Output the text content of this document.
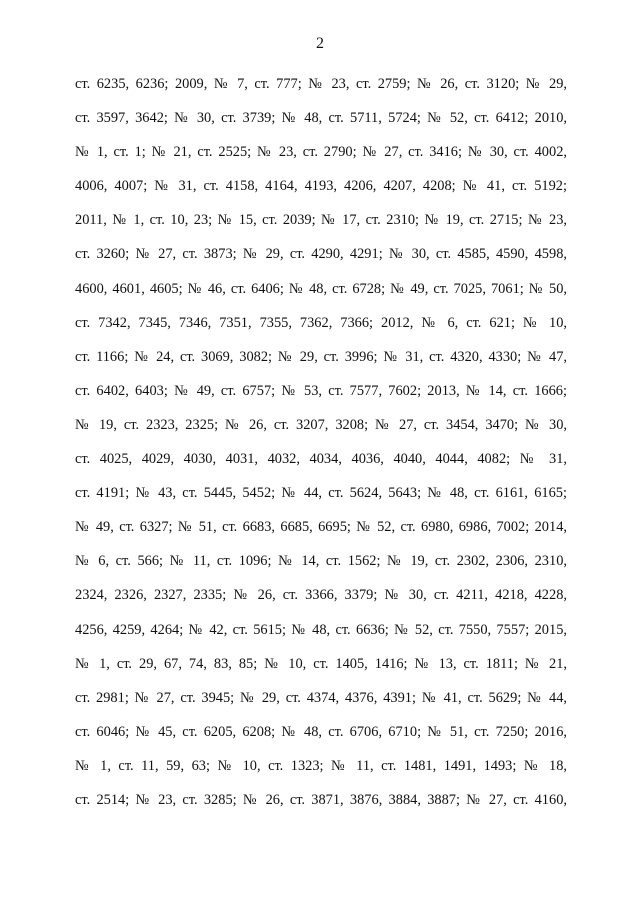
2
ст. 6235, 6236; 2009, № 7, ст. 777; № 23, ст. 2759; № 26, ст. 3120; № 29,
ст. 3597, 3642; № 30, ст. 3739; № 48, ст. 5711, 5724; № 52, ст. 6412; 2010,
№ 1, ст. 1; № 21, ст. 2525; № 23, ст. 2790; № 27, ст. 3416; № 30, ст. 4002,
4006, 4007; № 31, ст. 4158, 4164, 4193, 4206, 4207, 4208; № 41, ст. 5192;
2011, № 1, ст. 10, 23; № 15, ст. 2039; № 17, ст. 2310; № 19, ст. 2715; № 23,
ст. 3260; № 27, ст. 3873; № 29, ст. 4290, 4291; № 30, ст. 4585, 4590, 4598,
4600, 4601, 4605; № 46, ст. 6406; № 48, ст. 6728; № 49, ст. 7025, 7061; № 50,
ст. 7342, 7345, 7346, 7351, 7355, 7362, 7366; 2012, № 6, ст. 621; № 10,
ст. 1166; № 24, ст. 3069, 3082; № 29, ст. 3996; № 31, ст. 4320, 4330; № 47,
ст. 6402, 6403; № 49, ст. 6757; № 53, ст. 7577, 7602; 2013, № 14, ст. 1666;
№ 19, ст. 2323, 2325; № 26, ст. 3207, 3208; № 27, ст. 3454, 3470; № 30,
ст. 4025, 4029, 4030, 4031, 4032, 4034, 4036, 4040, 4044, 4082; № 31,
ст. 4191; № 43, ст. 5445, 5452; № 44, ст. 5624, 5643; № 48, ст. 6161, 6165;
№ 49, ст. 6327; № 51, ст. 6683, 6685, 6695; № 52, ст. 6980, 6986, 7002; 2014,
№ 6, ст. 566; № 11, ст. 1096; № 14, ст. 1562; № 19, ст. 2302, 2306, 2310,
2324, 2326, 2327, 2335; № 26, ст. 3366, 3379; № 30, ст. 4211, 4218, 4228,
4256, 4259, 4264; № 42, ст. 5615; № 48, ст. 6636; № 52, ст. 7550, 7557; 2015,
№ 1, ст. 29, 67, 74, 83, 85; № 10, ст. 1405, 1416; № 13, ст. 1811; № 21,
ст. 2981; № 27, ст. 3945; № 29, ст. 4374, 4376, 4391; № 41, ст. 5629; № 44,
ст. 6046; № 45, ст. 6205, 6208; № 48, ст. 6706, 6710; № 51, ст. 7250; 2016,
№ 1, ст. 11, 59, 63; № 10, ст. 1323; № 11, ст. 1481, 1491, 1493; № 18,
ст. 2514; № 23, ст. 3285; № 26, ст. 3871, 3876, 3884, 3887; № 27, ст. 4160,
